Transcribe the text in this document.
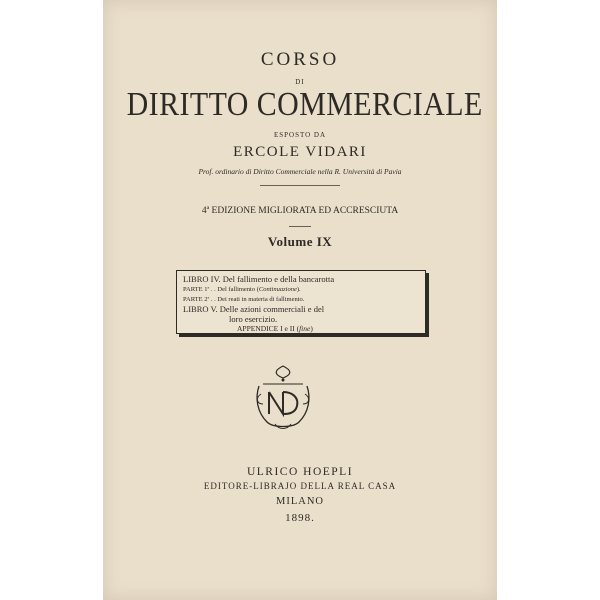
CORSO
DI
DIRITTO COMMERCIALE
ESPOSTO DA
ERCOLE VIDARI
Prof. ordinario di Diritto Commerciale nella R. Università di Pavia
4ª EDIZIONE MIGLIORATA ED ACCRESCIUTA
Volume IX
LIBRO IV. Del fallimento e della bancarotta
PARTE 1ª . . Del fallimento (Continuazione).
PARTE 2ª . . Dei reati in materia di fallimento.
LIBRO V. Delle azioni commerciali e del
loro esercizio.
APPENDICE I e II (fine)
ULRICO HOEPLI
EDITORE-LIBRAJO DELLA REAL CASA
MILANO
1898.
